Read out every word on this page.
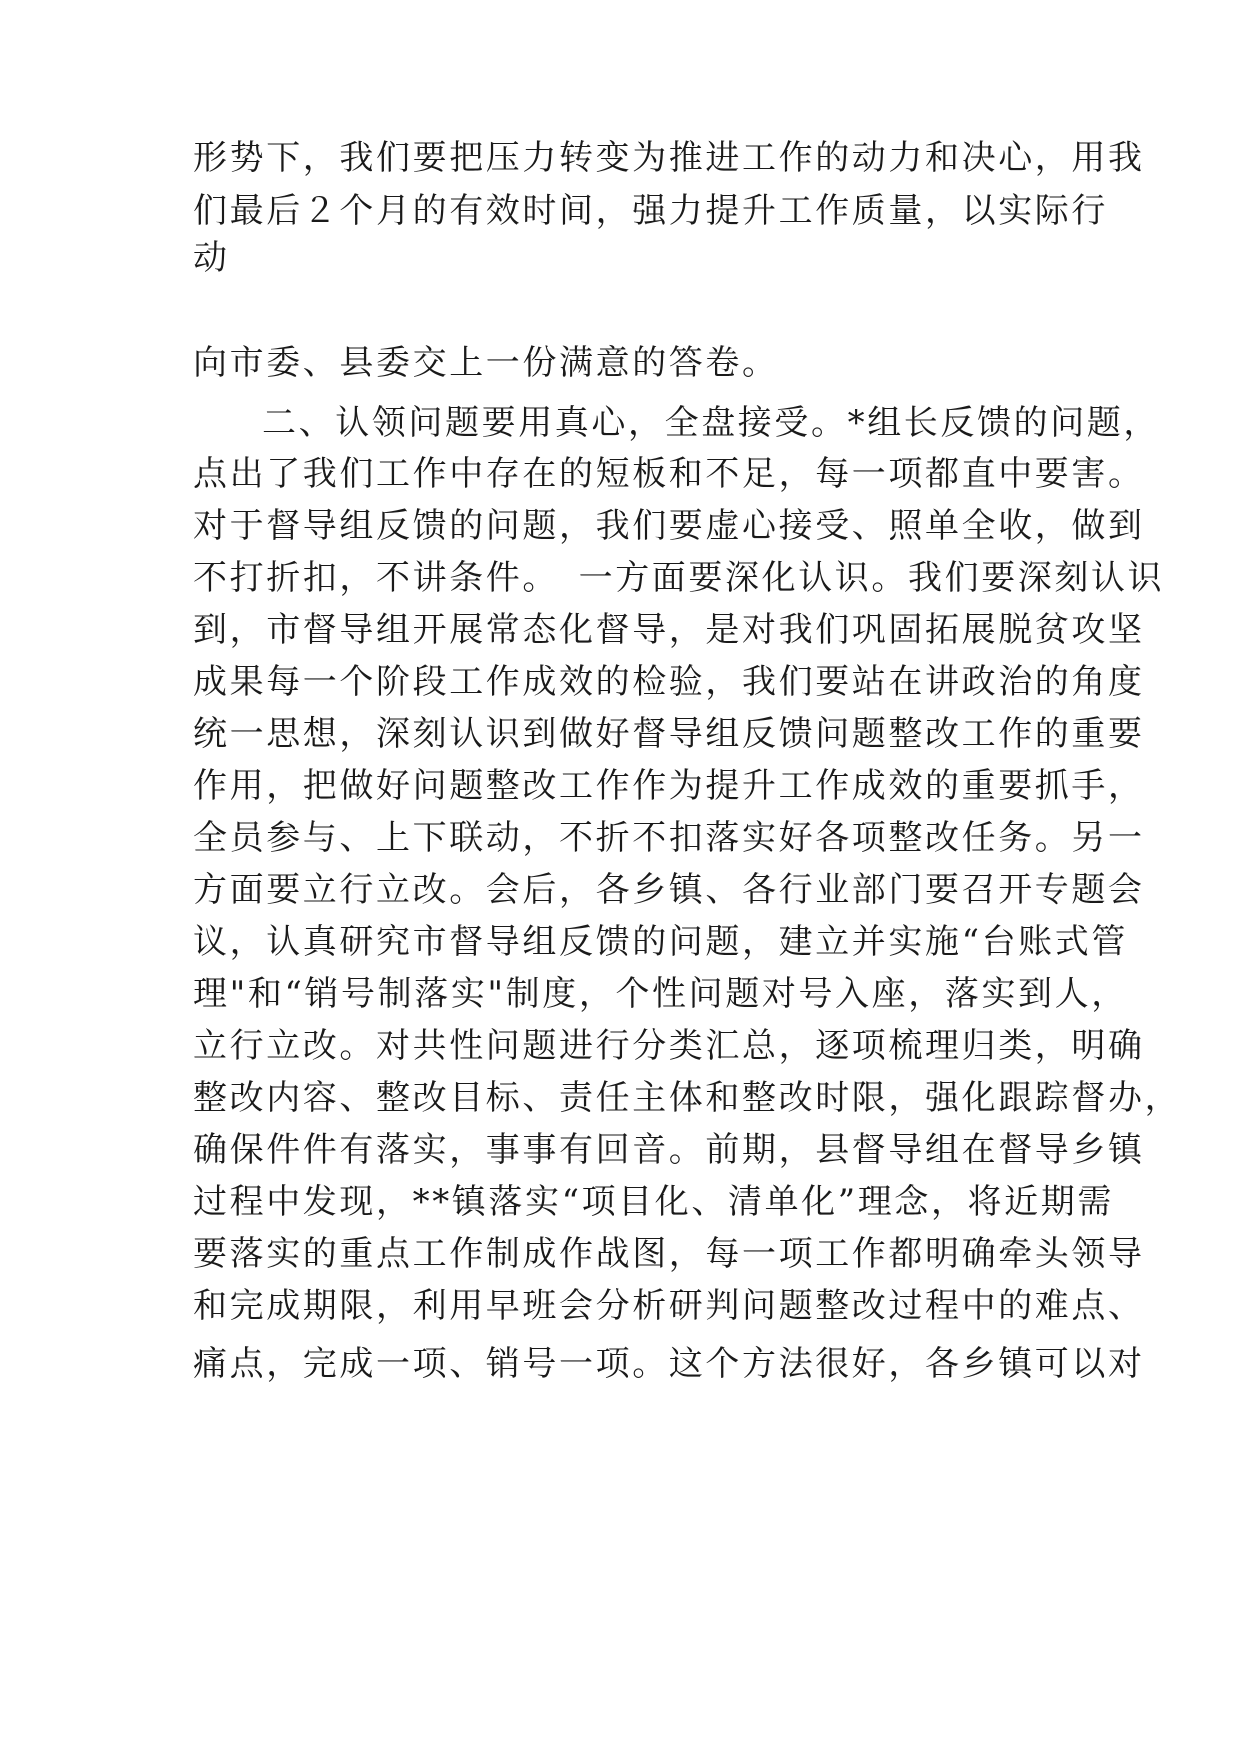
形势下，我们要把压力转变为推进工作的动力和决心，用我
们最后２个月的有效时间，强力提升工作质量，以实际行
动
向市委、县委交上一份满意的答卷。
二、认领问题要用真心，全盘接受。*组长反馈的问题，
点出了我们工作中存在的短板和不足，每一项都直中要害。
对于督导组反馈的问题，我们要虚心接受、照单全收，做到
不打折扣，不讲条件。　一方面要深化认识。我们要深刻认识
到，市督导组开展常态化督导，是对我们巩固拓展脱贫攻坚
成果每一个阶段工作成效的检验，我们要站在讲政治的角度
统一思想，深刻认识到做好督导组反馈问题整改工作的重要
作用，把做好问题整改工作作为提升工作成效的重要抓手，
全员参与、上下联动，不折不扣落实好各项整改任务。另一
方面要立行立改。会后，各乡镇、各行业部门要召开专题会
议，认真研究市督导组反馈的问题，建立并实施“台账式管
理"和“销号制落实"制度，个性问题对号入座，落实到人，
立行立改。对共性问题进行分类汇总，逐项梳理归类，明确
整改内容、整改目标、责任主体和整改时限，强化跟踪督办，
确保件件有落实，事事有回音。前期，县督导组在督导乡镇
过程中发现，**镇落实“项目化、清单化”理念，将近期需
要落实的重点工作制成作战图，每一项工作都明确牵头领导
和完成期限，利用早班会分析研判问题整改过程中的难点、
痛点，完成一项、销号一项。这个方法很好，各乡镇可以对
